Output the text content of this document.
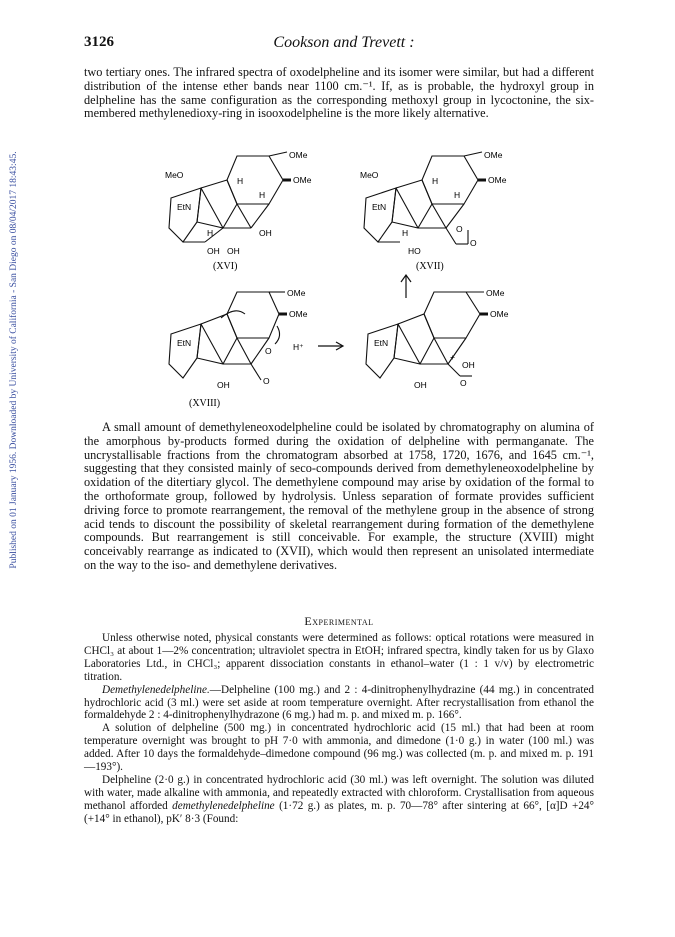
3126	Cookson and Trevett :
Published on 01 January 1956. Downloaded by University of California - San Diego on 08/04/2017 18:43:45.

two tertiary ones. The infrared spectra of oxodelpheline and its isomer were similar, but had a different distribution of the intense ether bands near 1100 cm.⁻¹. If, as is probable, the hydroxyl group in delpheline has the same configuration as the corresponding methoxyl group in lycoctonine, the six-membered methylenedioxy-ring in isooxodelpheline is the more likely alternative.

MeO
EtN
OMe
OMe
H
H
H	OH
OH OH
(XVI)
MeO
EtN
OMe
OMe
H
H
H
HO
O
O
(XVII)
EtN
OMe
OMe
O
O
H⁺
OH
(XVIII)
EtN
OMe
OMe
+
OH
OH	O

A small amount of demethyleneoxodelpheline could be isolated by chromatography on alumina of the amorphous by-products formed during the oxidation of delpheline with permanganate. The uncrystallisable fractions from the chromatogram absorbed at 1758, 1720, 1676, and 1645 cm.⁻¹, suggesting that they consisted mainly of seco-compounds derived from demethyleneoxodelpheline by oxidation of the ditertiary glycol. The demethylene compound may arise by oxidation of the formal to the orthoformate group, followed by hydrolysis. Unless separation of formate provides sufficient driving force to promote rearrangement, the removal of the methylene group in the absence of strong acid tends to discount the possibility of skeletal rearrangement during formation of the demethylene compounds. But rearrangement is still conceivable. For example, the structure (XVIII) might conceivably rearrange as indicated to (XVII), which would then represent an unisolated intermediate on the way to the iso- and demethylene derivatives.

Experimental

Unless otherwise noted, physical constants were determined as follows: optical rotations were measured in CHCl₃ at about 1—2% concentration; ultraviolet spectra in EtOH; infrared spectra, kindly taken for us by Glaxo Laboratories Ltd., in CHCl₃; apparent dissociation constants in ethanol–water (1 : 1 v/v) by electrometric titration.

Demethylenedelpheline.—Delpheline (100 mg.) and 2 : 4-dinitrophenylhydrazine (44 mg.) in concentrated hydrochloric acid (3 ml.) were set aside at room temperature overnight. After recrystallisation from ethanol the formaldehyde 2 : 4-dinitrophenylhydrazone (6 mg.) had m. p. and mixed m. p. 166°.

A solution of delpheline (500 mg.) in concentrated hydrochloric acid (15 ml.) that had been at room temperature overnight was brought to pH 7·0 with ammonia, and dimedone (1·0 g.) in water (100 ml.) was added. After 10 days the formaldehyde–dimedone compound (96 mg.) was collected (m. p. and mixed m. p. 191—193°).

Delpheline (2·0 g.) in concentrated hydrochloric acid (30 ml.) was left overnight. The solution was diluted with water, made alkaline with ammonia, and repeatedly extracted with chloroform. Crystallisation from aqueous methanol afforded demethylenedelpheline (1·72 g.) as plates, m. p. 70—78° after sintering at 66°, [α]D +24° (+14° in ethanol), pK′ 8·3 (Found:
